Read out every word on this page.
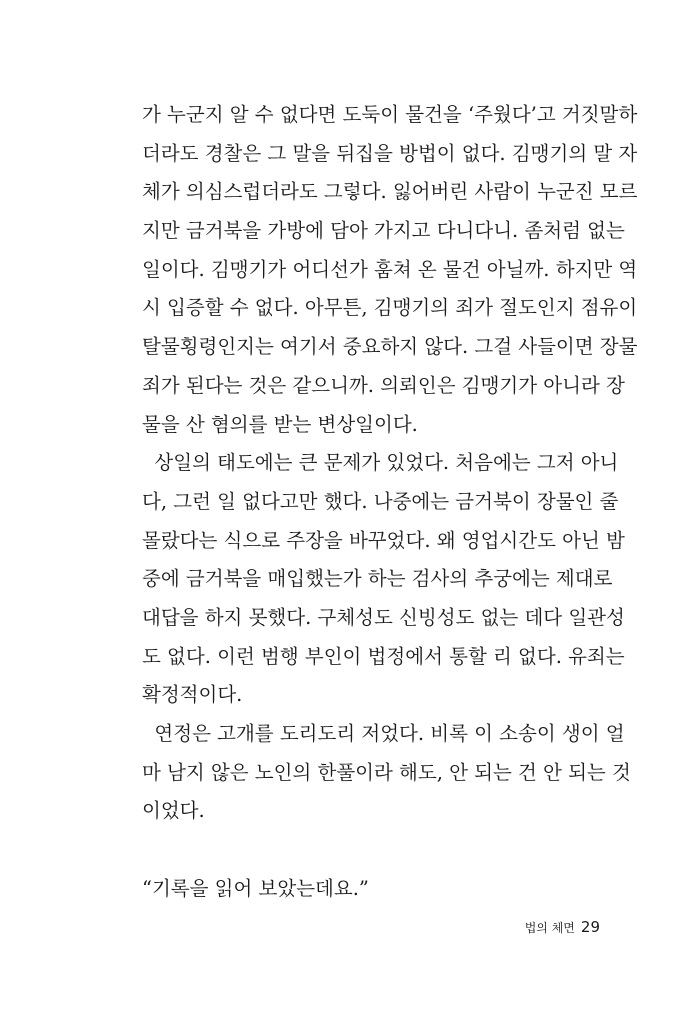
가 누군지 알 수 없다면 도둑이 물건을 ‘주웠다’고 거짓말하
더라도 경찰은 그 말을 뒤집을 방법이 없다. 김맹기의 말 자
체가 의심스럽더라도 그렇다. 잃어버린 사람이 누군진 모르
지만 금거북을 가방에 담아 가지고 다니다니. 좀처럼 없는
일이다. 김맹기가 어디선가 훔쳐 온 물건 아닐까. 하지만 역
시 입증할 수 없다. 아무튼, 김맹기의 죄가 절도인지 점유이
탈물횡령인지는 여기서 중요하지 않다. 그걸 사들이면 장물
죄가 된다는 것은 같으니까. 의뢰인은 김맹기가 아니라 장
물을 산 혐의를 받는 변상일이다.
상일의 태도에는 큰 문제가 있었다. 처음에는 그저 아니
다, 그런 일 없다고만 했다. 나중에는 금거북이 장물인 줄
몰랐다는 식으로 주장을 바꾸었다. 왜 영업시간도 아닌 밤
중에 금거북을 매입했는가 하는 검사의 추궁에는 제대로
대답을 하지 못했다. 구체성도 신빙성도 없는 데다 일관성
도 없다. 이런 범행 부인이 법정에서 통할 리 없다. 유죄는
확정적이다.
연정은 고개를 도리도리 저었다. 비록 이 소송이 생이 얼
마 남지 않은 노인의 한풀이라 해도, 안 되는 건 안 되는 것
이었다.
“기록을 읽어 보았는데요.”
법의 체면 29
